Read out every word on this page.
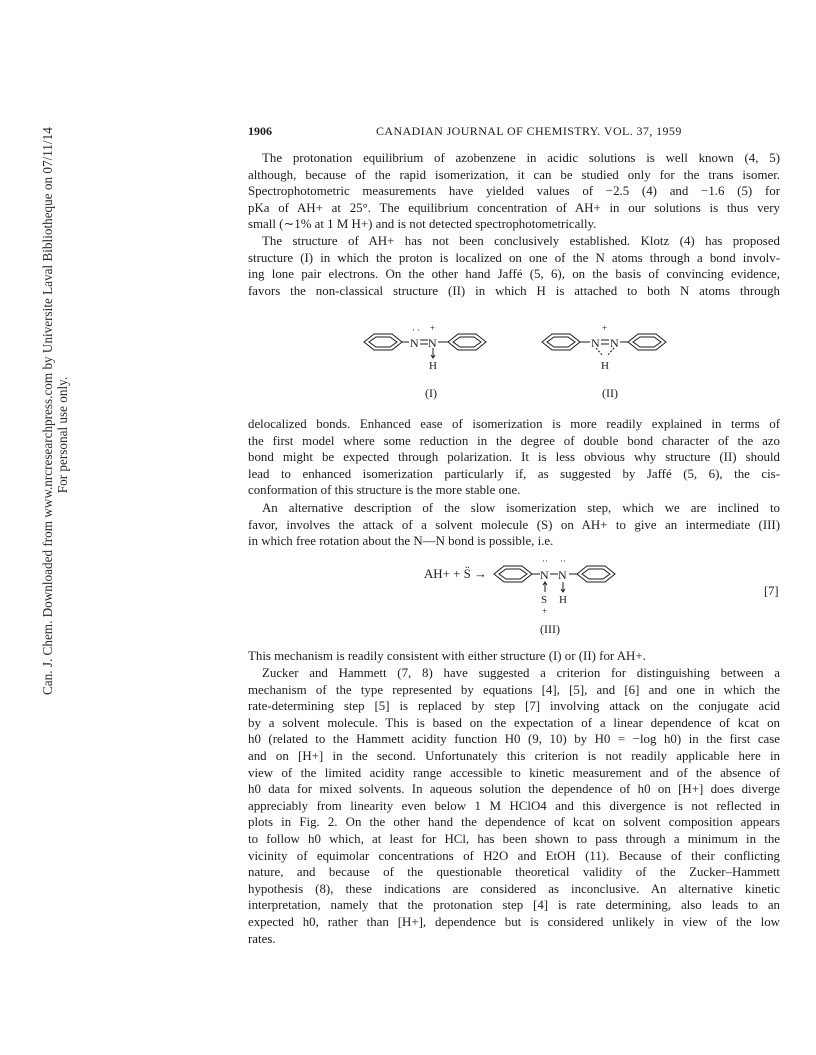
Can. J. Chem. Downloaded from www.nrcresearchpress.com by Universite Laval Bibliotheque on 07/11/14 For personal use only.
1906	CANADIAN JOURNAL OF CHEMISTRY. VOL. 37, 1959
The protonation equilibrium of azobenzene in acidic solutions is well known (4, 5)
although, because of the rapid isomerization, it can be studied only for the trans isomer.
Spectrophotometric measurements have yielded values of −2.5 (4) and −1.6 (5) for
pKa of AH+ at 25°. The equilibrium concentration of AH+ in our solutions is thus very
small (∼1% at 1 M H+) and is not detected spectrophotometrically.
The structure of AH+ has not been conclusively established. Klotz (4) has proposed
structure (I) in which the proton is localized on one of the N atoms through a bond involv-
ing lone pair electrons. On the other hand Jaffé (5, 6), on the basis of convincing evidence,
favors the non-classical structure (II) in which H is attached to both N atoms through
N N
H
+
· ·
(I)
N N
H
+
(II)
delocalized bonds. Enhanced ease of isomerization is more readily explained in terms of
the first model where some reduction in the degree of double bond character of the azo
bond might be expected through polarization. It is less obvious why structure (II) should
lead to enhanced isomerization particularly if, as suggested by Jaffé (5, 6), the cis-
conformation of this structure is the more stable one.
An alternative description of the slow isomerization step, which we are inclined to
favor, involves the attack of a solvent molecule (S) on AH+ to give an intermediate (III)
in which free rotation about the N—N bond is possible, i.e.
AH+ + S̈ →	N N
S H
+
·· ··
[7]
(III)
This mechanism is readily consistent with either structure (I) or (II) for AH+.
Zucker and Hammett (7, 8) have suggested a criterion for distinguishing between a
mechanism of the type represented by equations [4], [5], and [6] and one in which the
rate-determining step [5] is replaced by step [7] involving attack on the conjugate acid
by a solvent molecule. This is based on the expectation of a linear dependence of kcat on
h0 (related to the Hammett acidity function H0 (9, 10) by H0 = −log h0) in the first case
and on [H+] in the second. Unfortunately this criterion is not readily applicable here in
view of the limited acidity range accessible to kinetic measurement and of the absence of
h0 data for mixed solvents. In aqueous solution the dependence of h0 on [H+] does diverge
appreciably from linearity even below 1 M HClO4 and this divergence is not reflected in
plots in Fig. 2. On the other hand the dependence of kcat on solvent composition appears
to follow h0 which, at least for HCl, has been shown to pass through a minimum in the
vicinity of equimolar concentrations of H2O and EtOH (11). Because of their conflicting
nature, and because of the questionable theoretical validity of the Zucker–Hammett
hypothesis (8), these indications are considered as inconclusive. An alternative kinetic
interpretation, namely that the protonation step [4] is rate determining, also leads to an
expected h0, rather than [H+], dependence but is considered unlikely in view of the low
rates.
